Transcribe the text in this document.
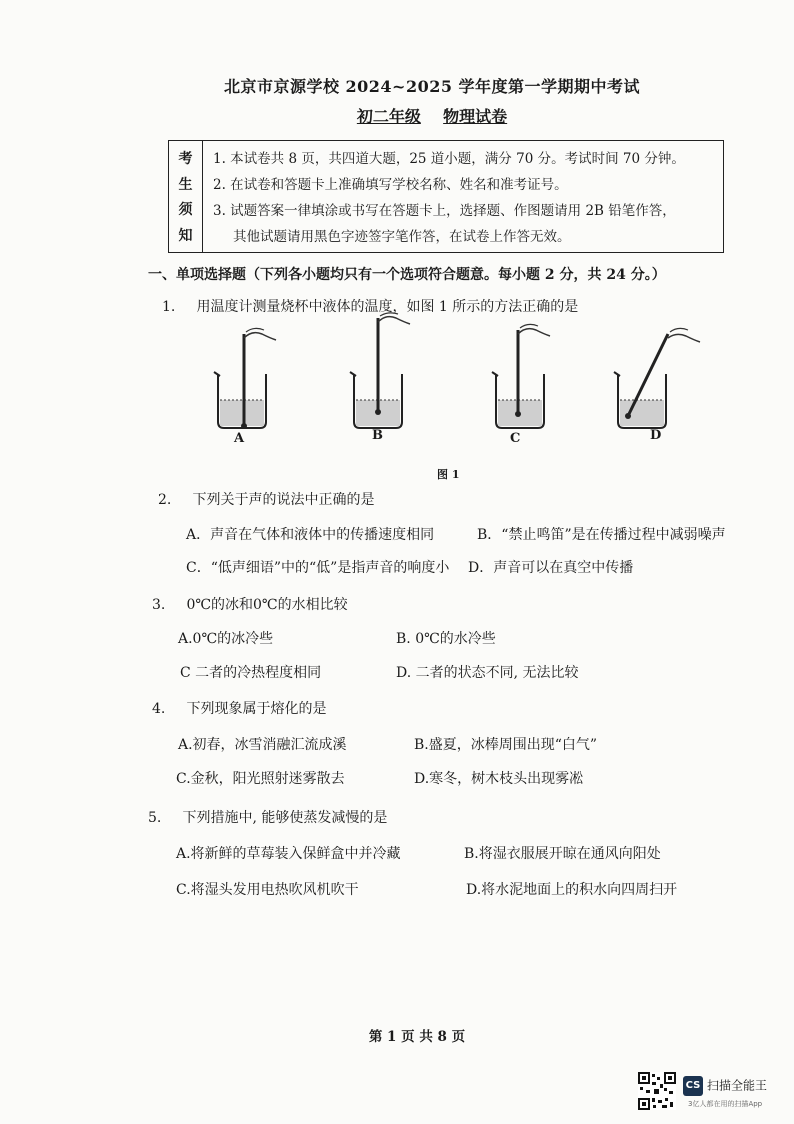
北京市京源学校 2024~2025 学年度第一学期期中考试
初二年级 物理试卷
考
生
须
知
1. 本试卷共 8 页，共四道大题，25 道小题，满分 70 分。考试时间 70 分钟。
2. 在试卷和答题卡上准确填写学校名称、姓名和准考证号。
3. 试题答案一律填涂或书写在答题卡上，选择题、作图题请用 2B 铅笔作答，
其他试题请用黑色字迹签字笔作答，在试卷上作答无效。
一、单项选择题（下列各小题均只有一个选项符合题意。每小题 2 分，共 24 分。）
1. 用温度计测量烧杯中液体的温度，如图 1 所示的方法正确的是
A	B	C	D
图 1
2. 下列关于声的说法中正确的是
A．声音在气体和液体中的传播速度相同	B．“禁止鸣笛”是在传播过程中减弱噪声
C．“低声细语”中的“低”是指声音的响度小 D．声音可以在真空中传播
3. 0℃的冰和0℃的水相比较
A.0℃的冰冷些	B. 0℃的水冷些
C 二者的冷热程度相同	D. 二者的状态不同, 无法比较
4. 下列现象属于熔化的是
A.初春，冰雪消融汇流成溪	B.盛夏，冰棒周围出现“白气”
C.金秋，阳光照射迷雾散去	D.寒冬，树木枝头出现雾凇
5. 下列措施中, 能够使蒸发减慢的是
A.将新鲜的草莓装入保鲜盒中并冷藏	B.将湿衣服展开晾在通风向阳处
C.将湿头发用电热吹风机吹干	D.将水泥地面上的积水向四周扫开
第 1 页 共 8 页
CS 扫描全能王
3亿人都在用的扫描App
